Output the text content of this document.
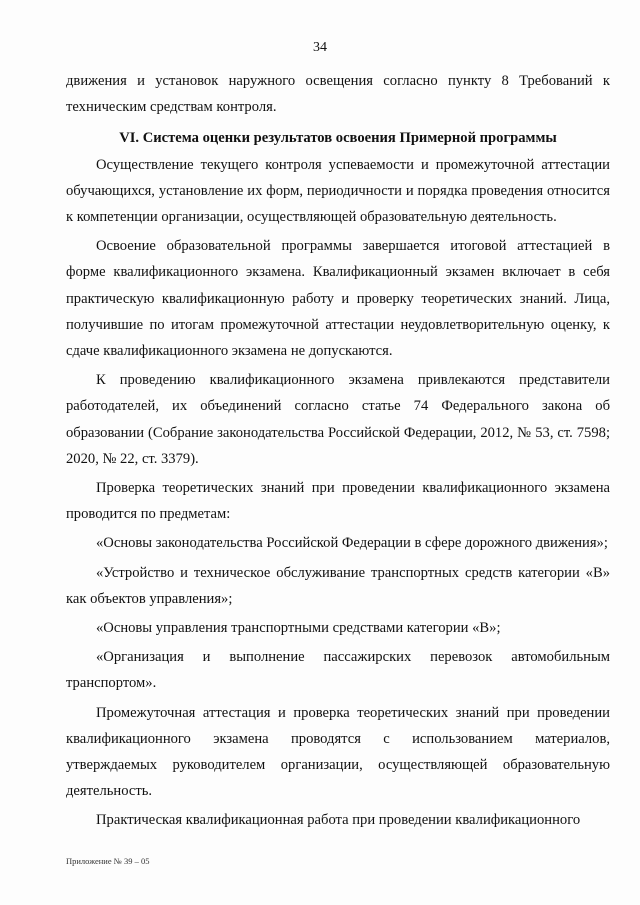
34

движения и установок наружного освещения согласно пункту 8 Требований к техническим средствам контроля.

VI. Система оценки результатов освоения Примерной программы

Осуществление текущего контроля успеваемости и промежуточной аттестации обучающихся, установление их форм, периодичности и порядка проведения относится к компетенции организации, осуществляющей образовательную деятельность.

Освоение образовательной программы завершается итоговой аттестацией в форме квалификационного экзамена. Квалификационный экзамен включает в себя практическую квалификационную работу и проверку теоретических знаний. Лица, получившие по итогам промежуточной аттестации неудовлетворительную оценку, к сдаче квалификационного экзамена не допускаются.

К проведению квалификационного экзамена привлекаются представители работодателей, их объединений согласно статье 74 Федерального закона об образовании (Собрание законодательства Российской Федерации, 2012, № 53, ст. 7598; 2020, № 22, ст. 3379).

Проверка теоретических знаний при проведении квалификационного экзамена проводится по предметам:

«Основы законодательства Российской Федерации в сфере дорожного движения»;

«Устройство и техническое обслуживание транспортных средств категории «B» как объектов управления»;

«Основы управления транспортными средствами категории «B»;

«Организация и выполнение пассажирских перевозок автомобильным транспортом».

Промежуточная аттестация и проверка теоретических знаний при проведении квалификационного экзамена проводятся с использованием материалов, утверждаемых руководителем организации, осуществляющей образовательную деятельность.

Практическая квалификационная работа при проведении квалификационного

Приложение № 39 – 05
